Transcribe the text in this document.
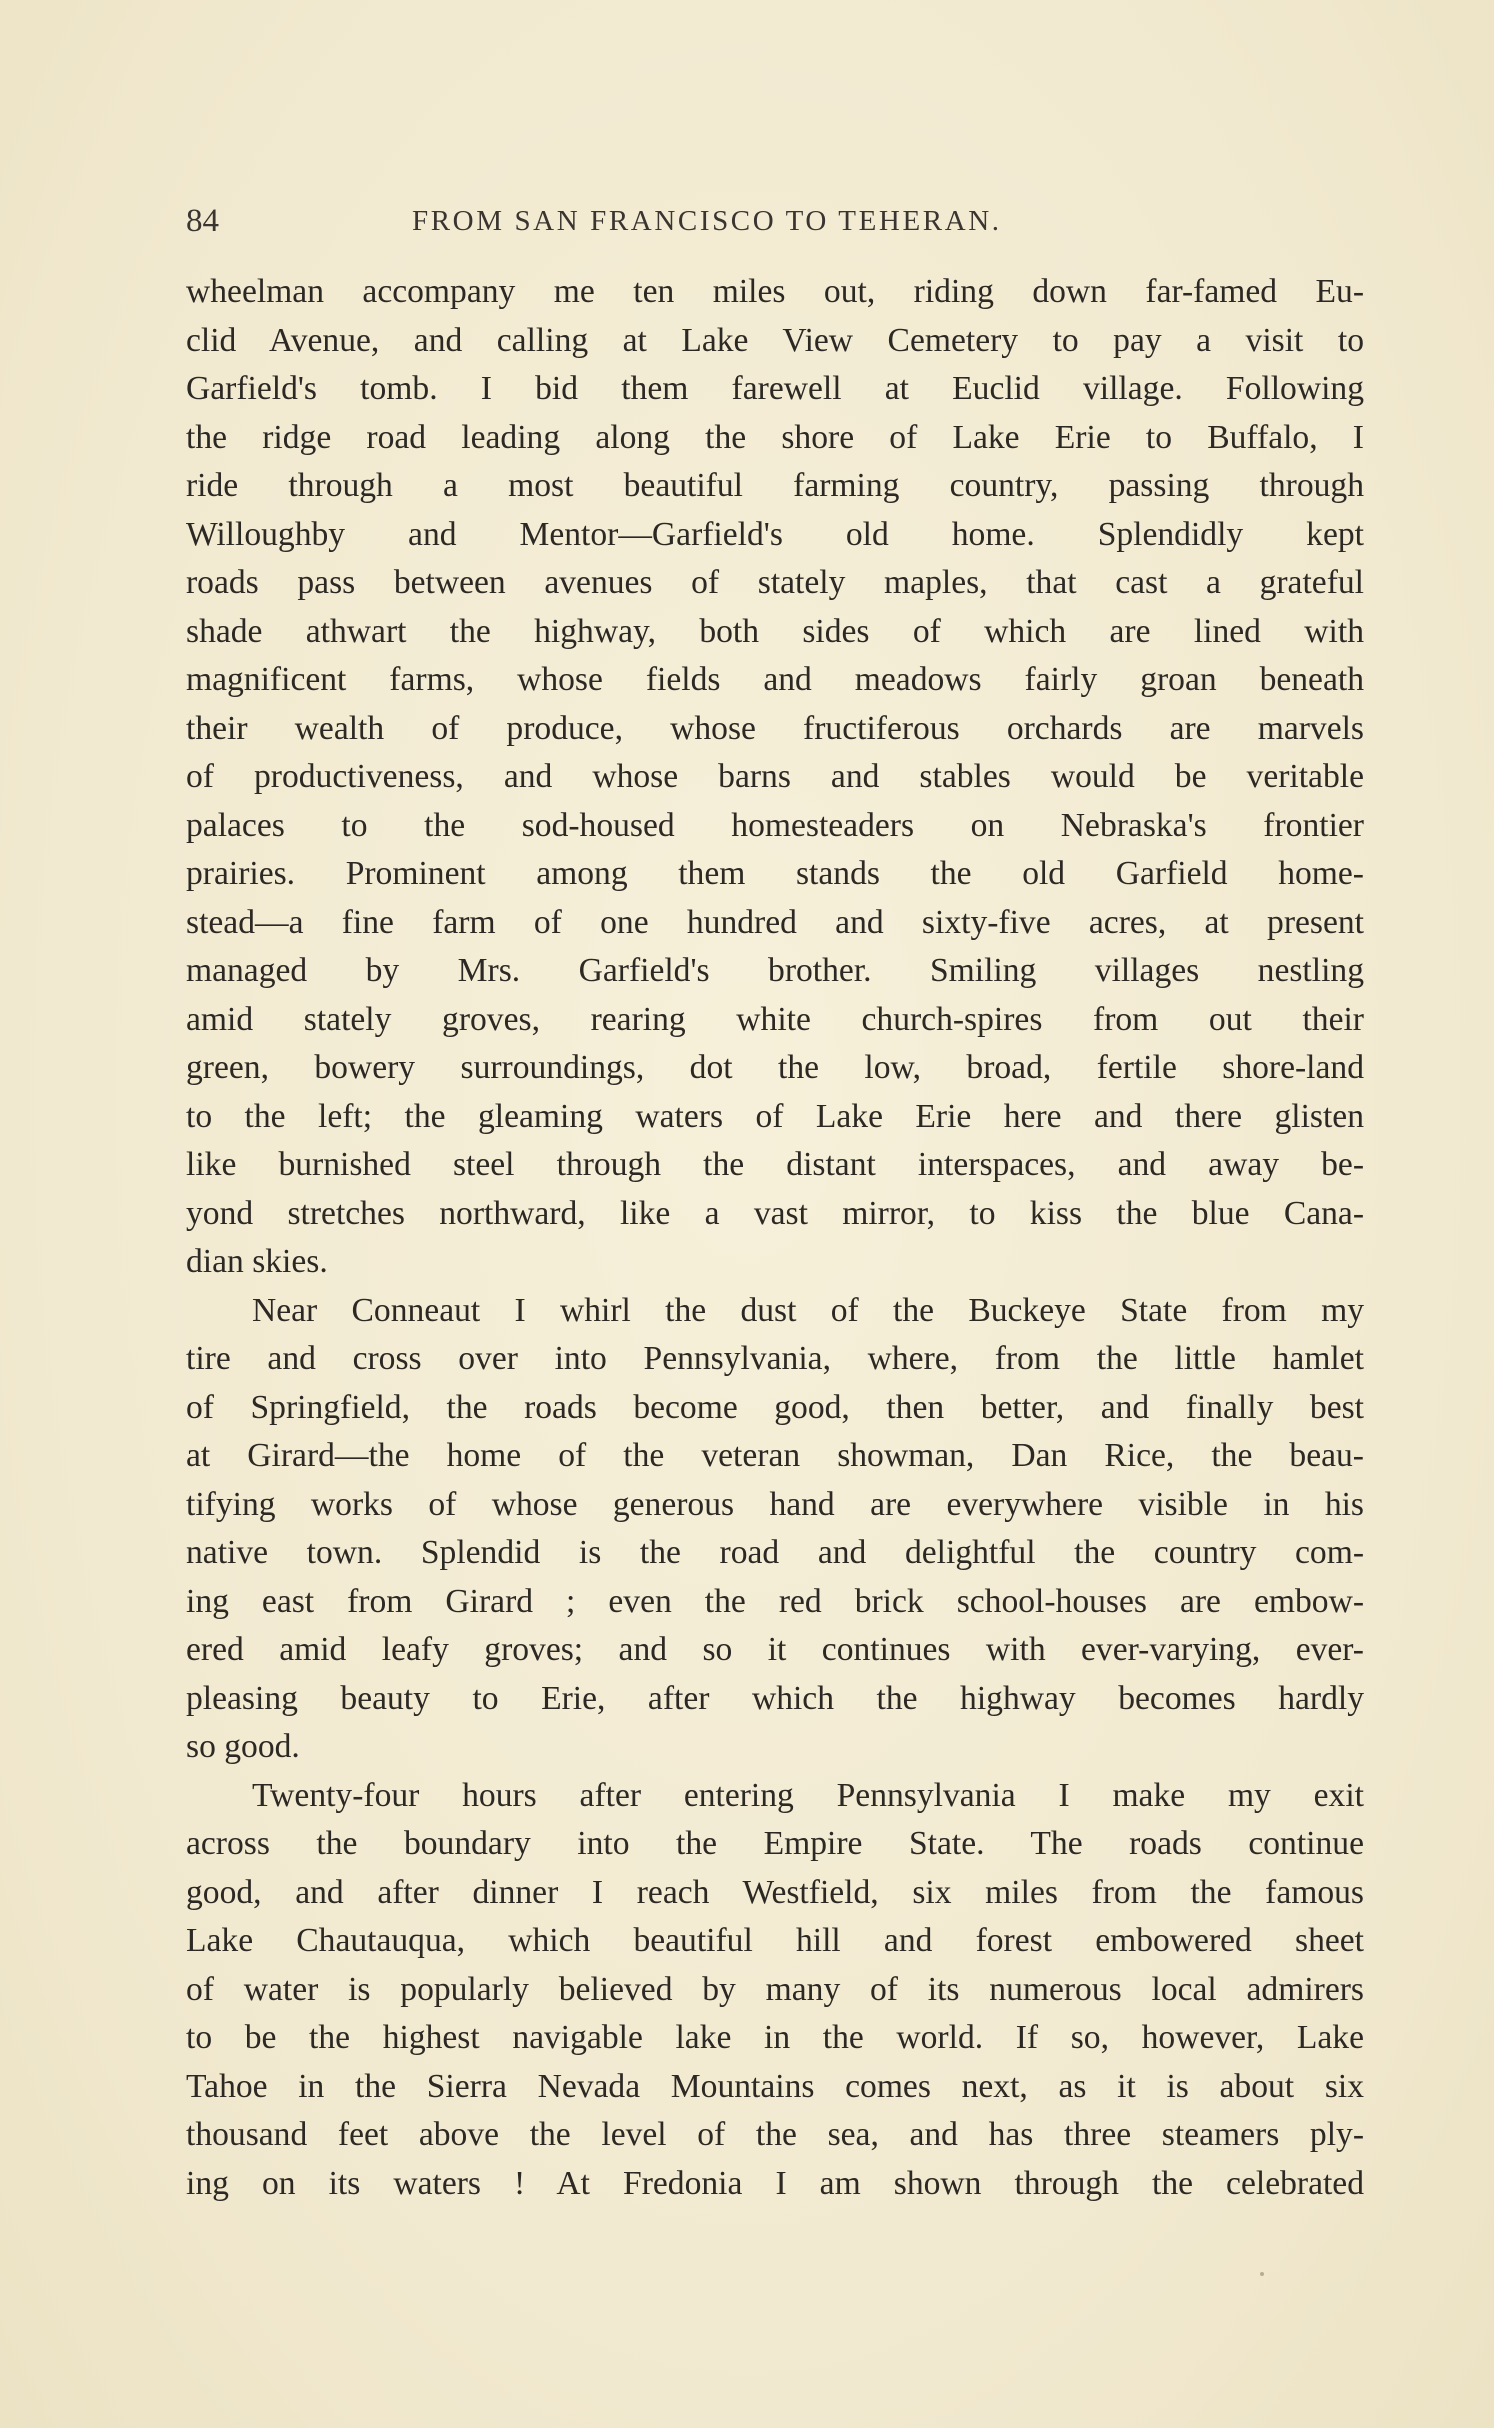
84	FROM SAN FRANCISCO TO TEHERAN.
wheelman accompany me ten miles out, riding down far-famed Eu-
clid Avenue, and calling at Lake View Cemetery to pay a visit to
Garfield's tomb. I bid them farewell at Euclid village. Following
the ridge road leading along the shore of Lake Erie to Buffalo, I
ride through a most beautiful farming country, passing through
Willoughby and Mentor—Garfield's old home. Splendidly kept
roads pass between avenues of stately maples, that cast a grateful
shade athwart the highway, both sides of which are lined with
magnificent farms, whose fields and meadows fairly groan beneath
their wealth of produce, whose fructiferous orchards are marvels
of productiveness, and whose barns and stables would be veritable
palaces to the sod-housed homesteaders on Nebraska's frontier
prairies. Prominent among them stands the old Garfield home-
stead—a fine farm of one hundred and sixty-five acres, at present
managed by Mrs. Garfield's brother. Smiling villages nestling
amid stately groves, rearing white church-spires from out their
green, bowery surroundings, dot the low, broad, fertile shore-land
to the left; the gleaming waters of Lake Erie here and there glisten
like burnished steel through the distant interspaces, and away be-
yond stretches northward, like a vast mirror, to kiss the blue Cana-
dian skies.
Near Conneaut I whirl the dust of the Buckeye State from my
tire and cross over into Pennsylvania, where, from the little hamlet
of Springfield, the roads become good, then better, and finally best
at Girard—the home of the veteran showman, Dan Rice, the beau-
tifying works of whose generous hand are everywhere visible in his
native town. Splendid is the road and delightful the country com-
ing east from Girard ; even the red brick school-houses are embow-
ered amid leafy groves; and so it continues with ever-varying, ever-
pleasing beauty to Erie, after which the highway becomes hardly
so good.
Twenty-four hours after entering Pennsylvania I make my exit
across the boundary into the Empire State. The roads continue
good, and after dinner I reach Westfield, six miles from the famous
Lake Chautauqua, which beautiful hill and forest embowered sheet
of water is popularly believed by many of its numerous local admirers
to be the highest navigable lake in the world. If so, however, Lake
Tahoe in the Sierra Nevada Mountains comes next, as it is about six
thousand feet above the level of the sea, and has three steamers ply-
ing on its waters ! At Fredonia I am shown through the celebrated
